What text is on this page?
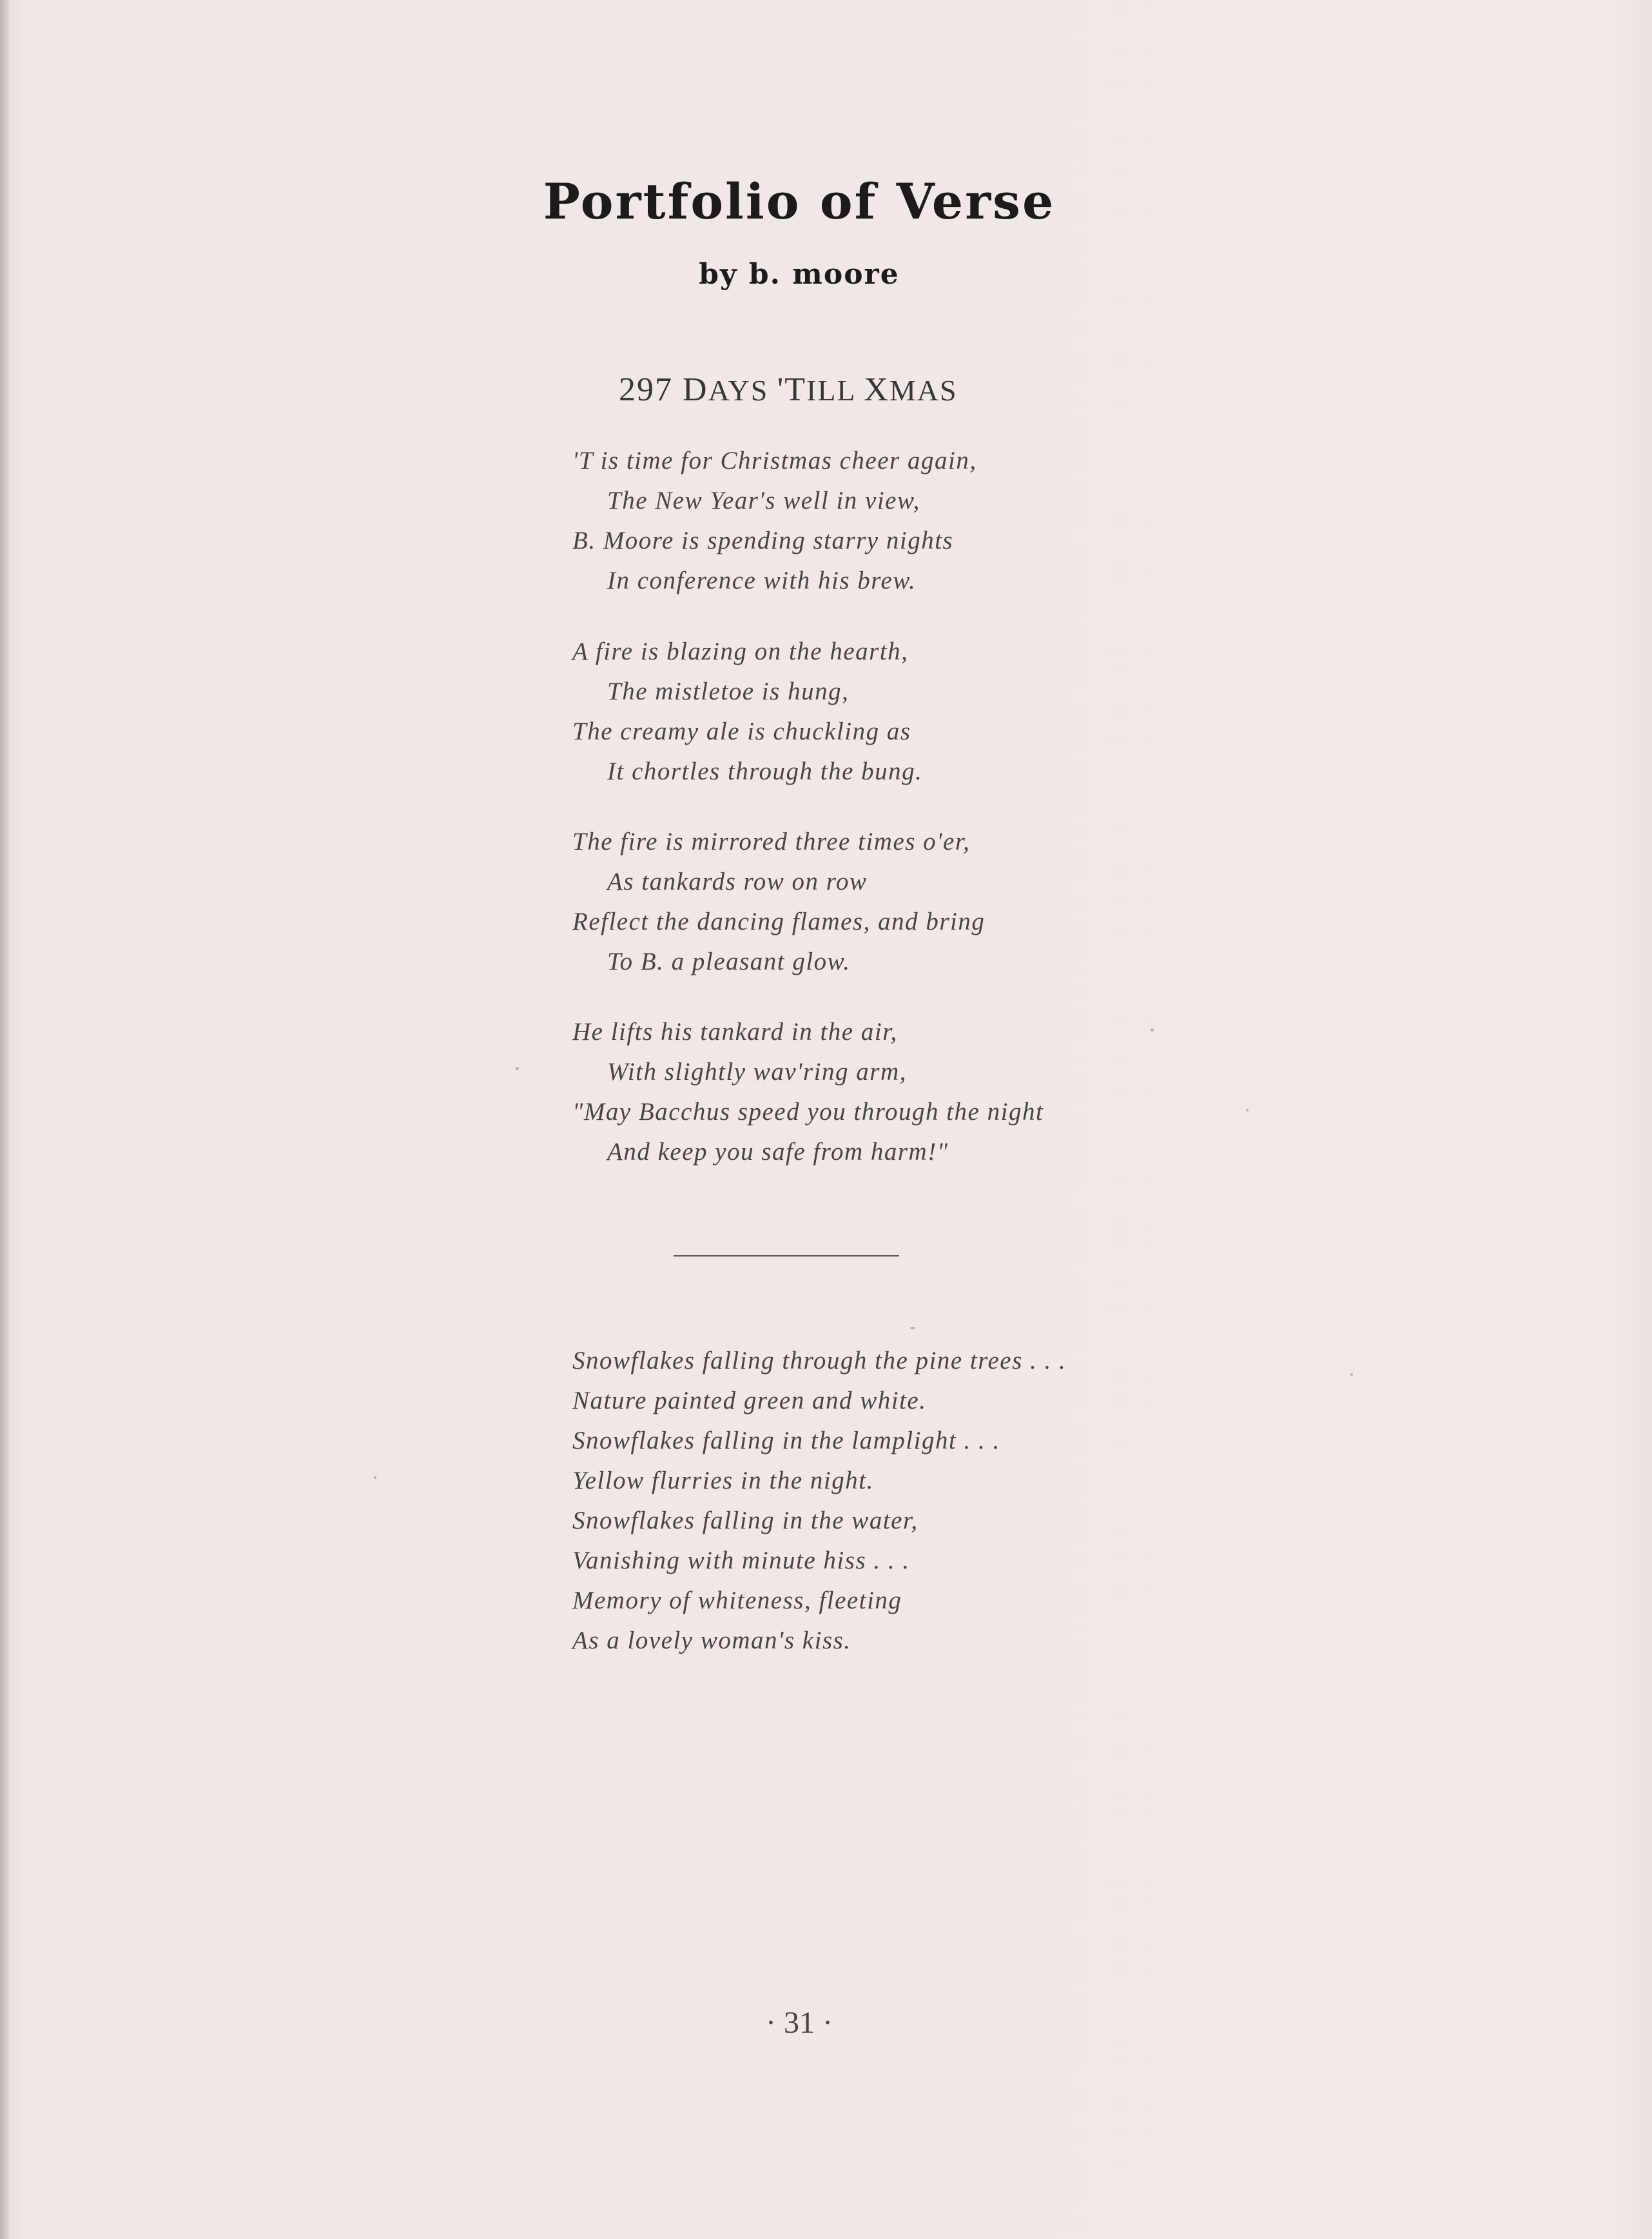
Portfolio of Verse
by b. moore
297 DAYS 'TILL XMAS
'T is time for Christmas cheer again,
The New Year's well in view,
B. Moore is spending starry nights
In conference with his brew.
A fire is blazing on the hearth,
The mistletoe is hung,
The creamy ale is chuckling as
It chortles through the bung.
The fire is mirrored three times o'er,
As tankards row on row
Reflect the dancing flames, and bring
To B. a pleasant glow.
He lifts his tankard in the air,
With slightly wav'ring arm,
"May Bacchus speed you through the night
And keep you safe from harm!"
Snowflakes falling through the pine trees . . .
Nature painted green and white.
Snowflakes falling in the lamplight . . .
Yellow flurries in the night.
Snowflakes falling in the water,
Vanishing with minute hiss . . .
Memory of whiteness, fleeting
As a lovely woman's kiss.
· 31 ·
